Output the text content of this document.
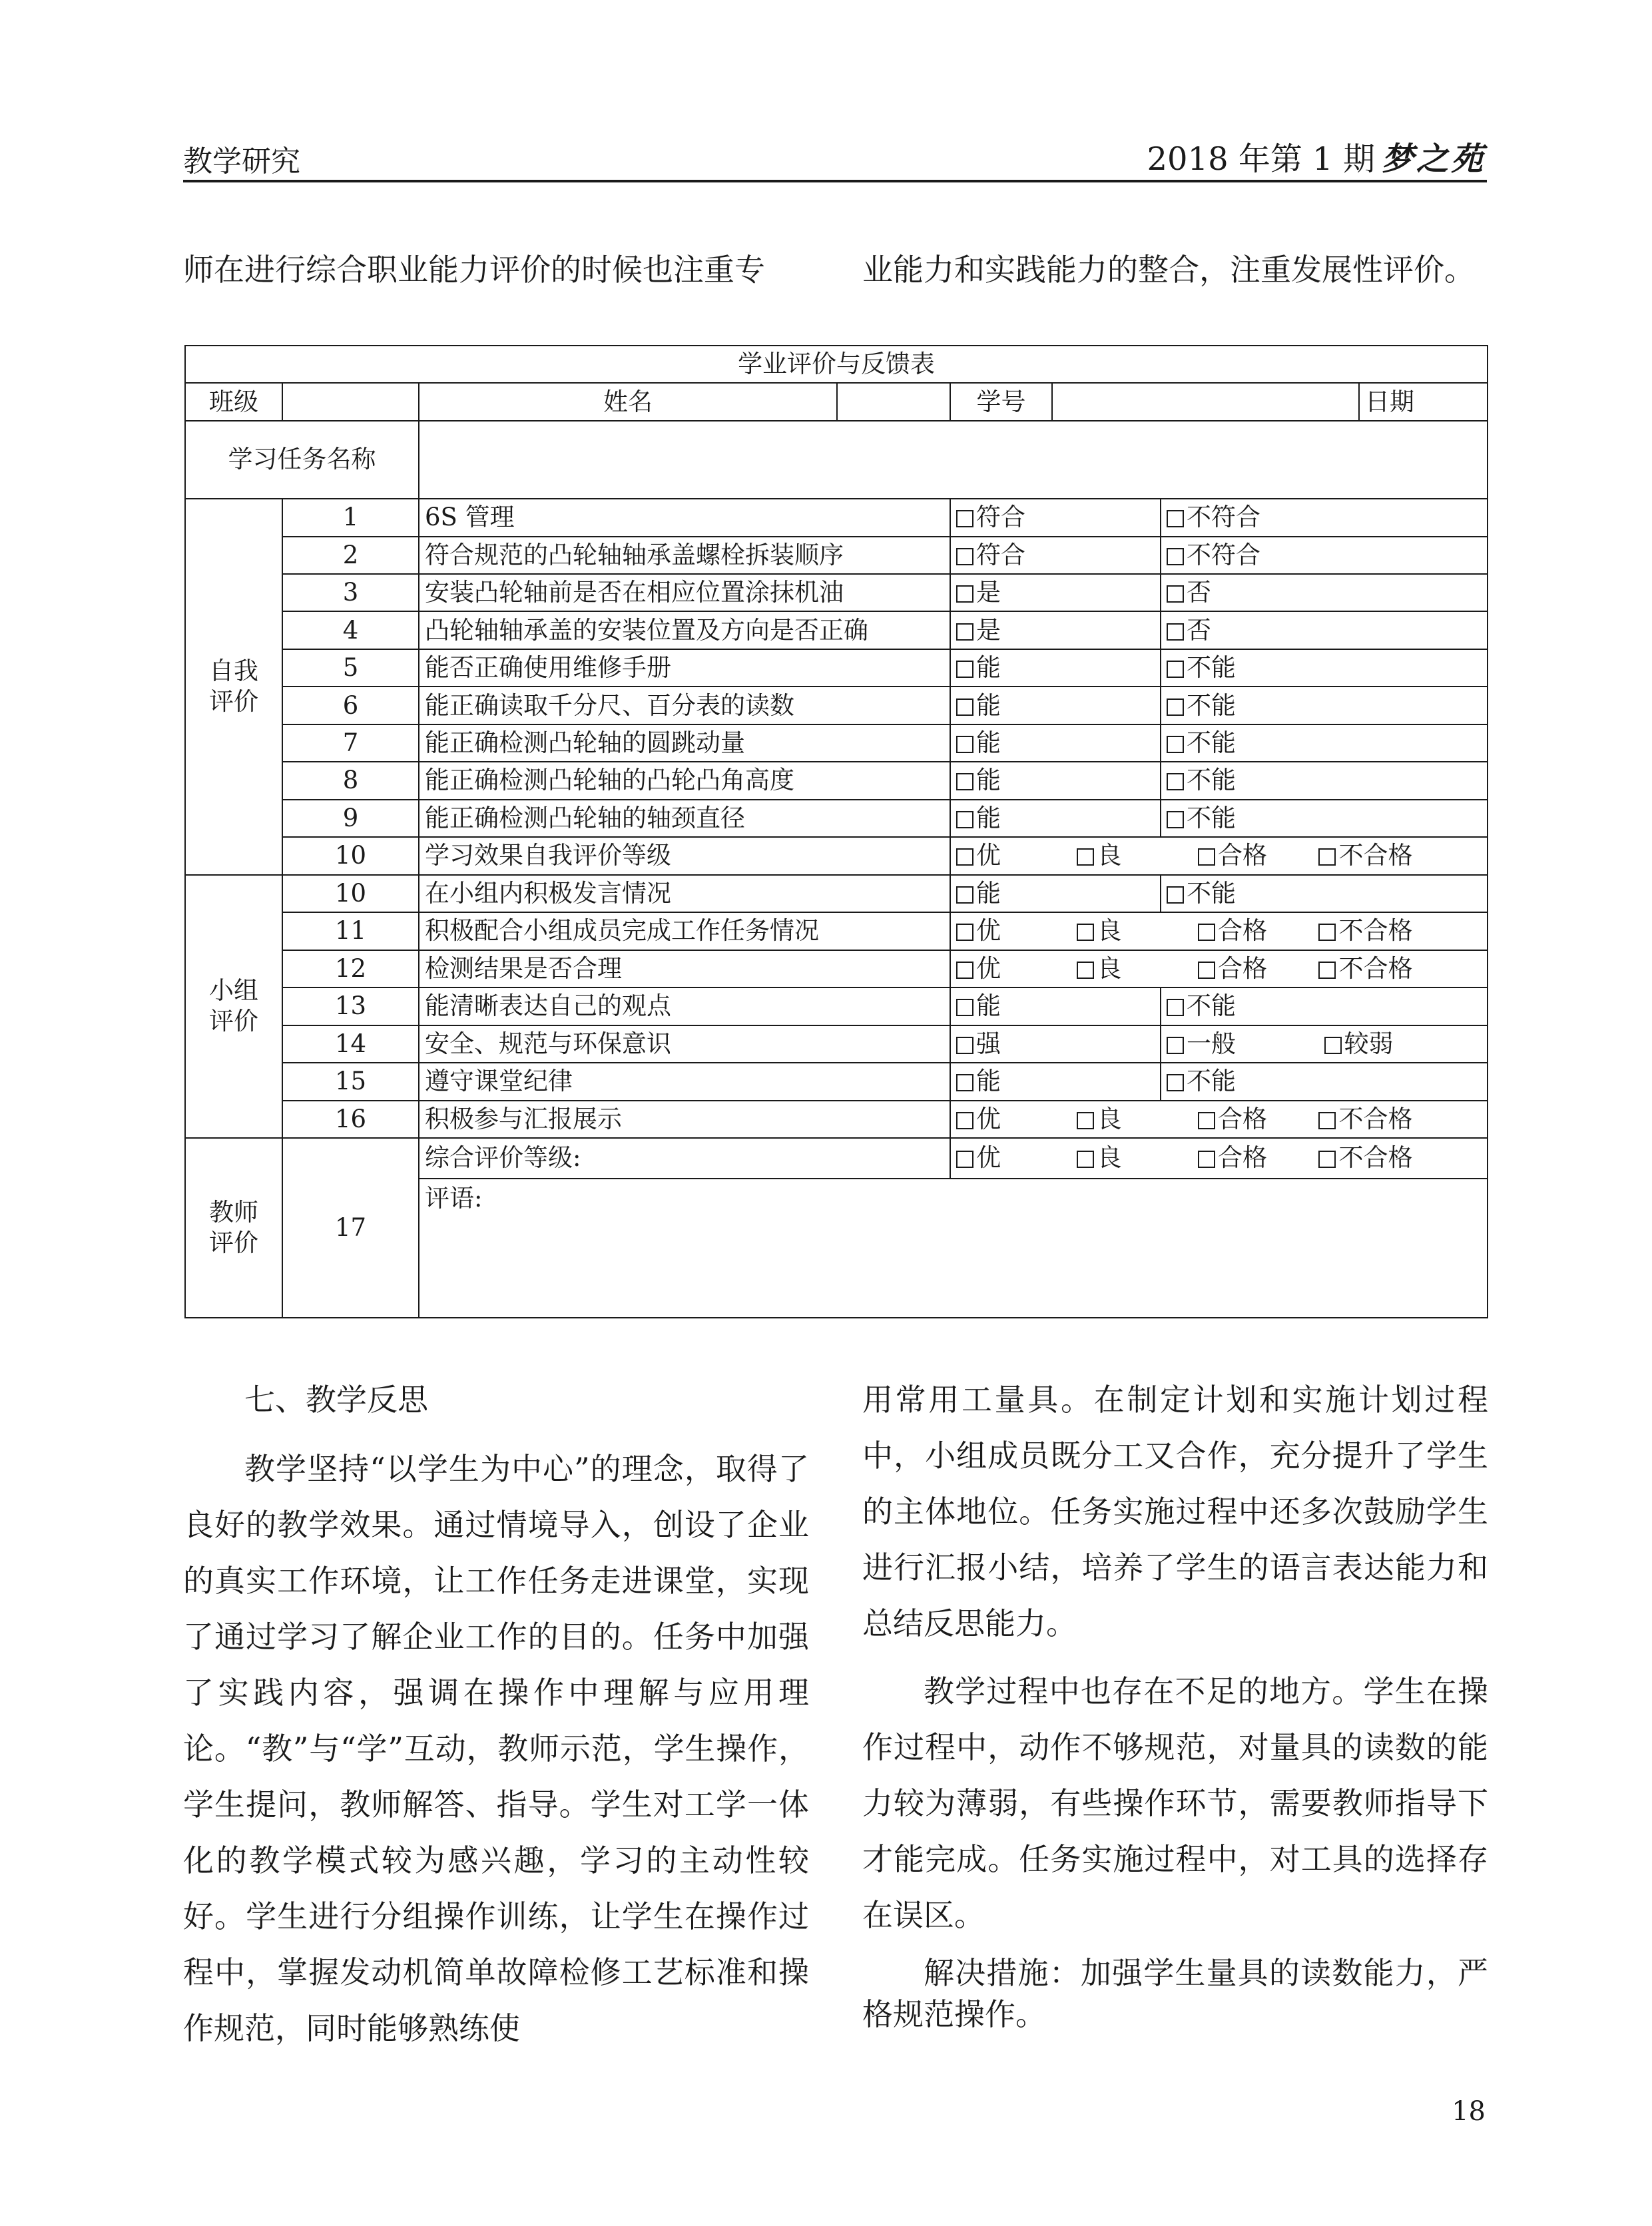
教学研究	2018 年第 1 期 梦之苑
师在进行综合职业能力评价的时候也注重专	业能力和实践能力的整合，注重发展性评价。
学业评价与反馈表							
班级		姓名		学号			日期
学习任务名称							
自我评价	1	6S 管理		符合		不符合	
	2	符合规范的凸轮轴轴承盖螺栓拆装顺序		符合		不符合	
	3	安装凸轮轴前是否在相应位置涂抹机油		是		否	
	4	凸轮轴轴承盖的安装位置及方向是否正确		是		否	
	5	能否正确使用维修手册		能		不能	
	6	能正确读取千分尺、百分表的读数		能		不能	
	7	能正确检测凸轮轴的圆跳动量		能		不能	
	8	能正确检测凸轮轴的凸轮凸角高度		能		不能	
	9	能正确检测凸轮轴的轴颈直径		能		不能	
	10	学习效果自我评价等级		优 良 合格 不合格			
小组评价	10	在小组内积极发言情况		能		不能	
	11	积极配合小组成员完成工作任务情况		优 良 合格 不合格			
	12	检测结果是否合理		优 良 合格 不合格			
	13	能清晰表达自己的观点		能		不能	
	14	安全、规范与环保意识		强		一般 较弱	
	15	遵守课堂纪律		能		不能	
	16	积极参与汇报展示		优 良 合格 不合格			
教师评价	17	综合评价等级:		优 良 合格 不合格			
		评语:					

七、教学反思

教学坚持“以学生为中心”的理念，取得了良好的教学效果。通过情境导入，创设了企业的真实工作环境，让工作任务走进课堂，实现了通过学习了解企业工作的目的。任务中加强了实践内容，强调在操作中理解与应用理论。“教”与“学”互动，教师示范，学生操作，学生提问，教师解答、指导。学生对工学一体化的教学模式较为感兴趣，学习的主动性较好。学生进行分组操作训练，让学生在操作过程中，掌握发动机简单故障检修工艺标准和操作规范，同时能够熟练使

用常用工量具。在制定计划和实施计划过程中，小组成员既分工又合作，充分提升了学生的主体地位。任务实施过程中还多次鼓励学生进行汇报小结，培养了学生的语言表达能力和总结反思能力。

教学过程中也存在不足的地方。学生在操作过程中，动作不够规范，对量具的读数的能力较为薄弱，有些操作环节，需要教师指导下才能完成。任务实施过程中，对工具的选择存在误区。

解决措施：加强学生量具的读数能力，严格规范操作。

18
